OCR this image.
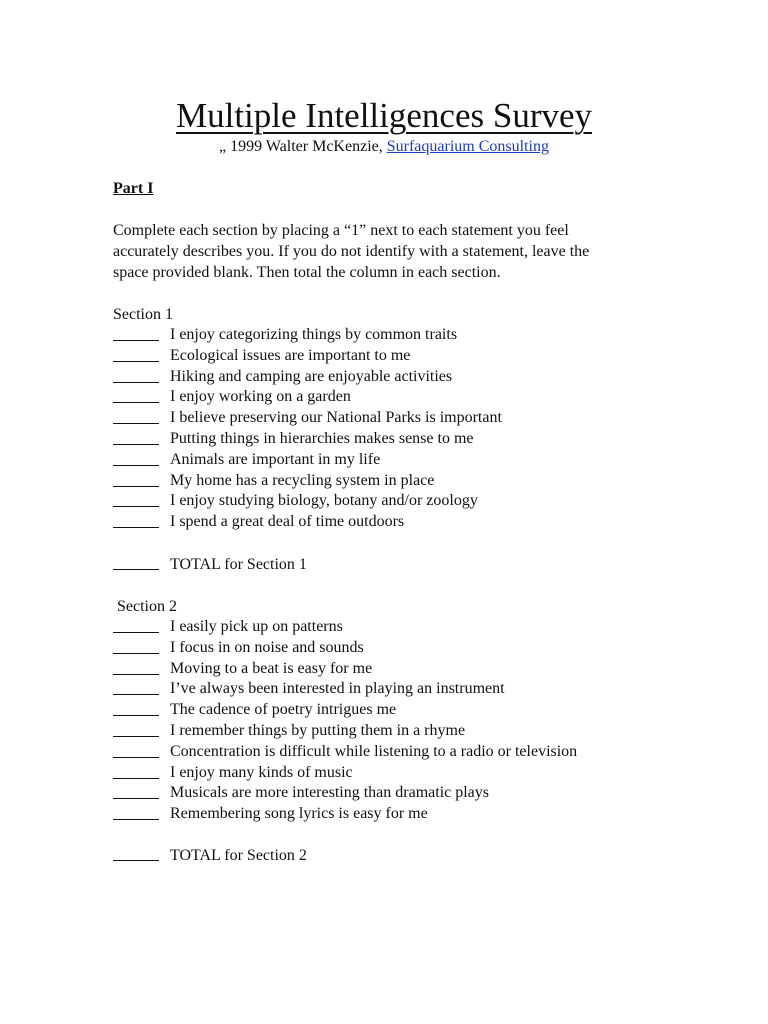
Multiple Intelligences Survey
„ 1999 Walter McKenzie, Surfaquarium Consulting
Part I
Complete each section by placing a “1” next to each statement you feel
accurately describes you. If you do not identify with a statement, leave the
space provided blank. Then total the column in each section.
Section 1
I enjoy categorizing things by common traits
Ecological issues are important to me
Hiking and camping are enjoyable activities
I enjoy working on a garden
I believe preserving our National Parks is important
Putting things in hierarchies makes sense to me
Animals are important in my life
My home has a recycling system in place
I enjoy studying biology, botany and/or zoology
I spend a great deal of time outdoors
TOTAL for Section 1
Section 2
I easily pick up on patterns
I focus in on noise and sounds
Moving to a beat is easy for me
I’ve always been interested in playing an instrument
The cadence of poetry intrigues me
I remember things by putting them in a rhyme
Concentration is difficult while listening to a radio or television
I enjoy many kinds of music
Musicals are more interesting than dramatic plays
Remembering song lyrics is easy for me
TOTAL for Section 2
